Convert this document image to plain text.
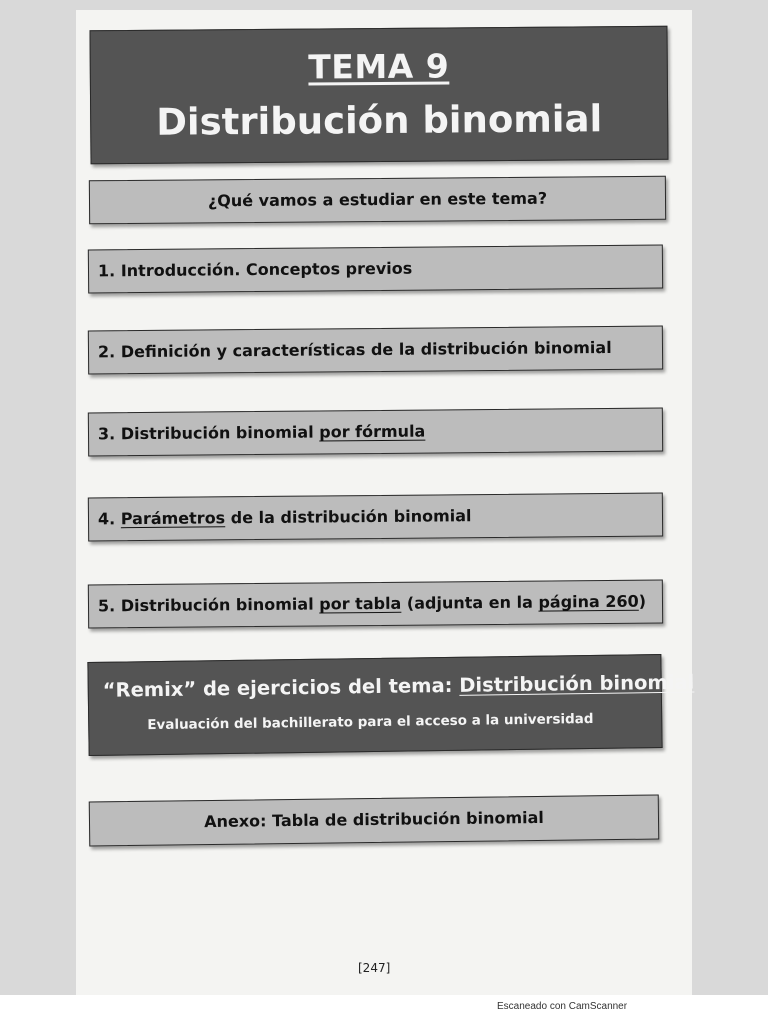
TEMA 9
Distribución binomial
¿Qué vamos a estudiar en este tema?
1. Introducción. Conceptos previos
2. Definición y características de la distribución binomial
3. Distribución binomial por fórmula
4. Parámetros de la distribución binomial
5. Distribución binomial por tabla (adjunta en la página 260)
“Remix” de ejercicios del tema: Distribución binomial
Evaluación del bachillerato para el acceso a la universidad
Anexo: Tabla de distribución binomial
[247]
Escaneado con CamScanner
